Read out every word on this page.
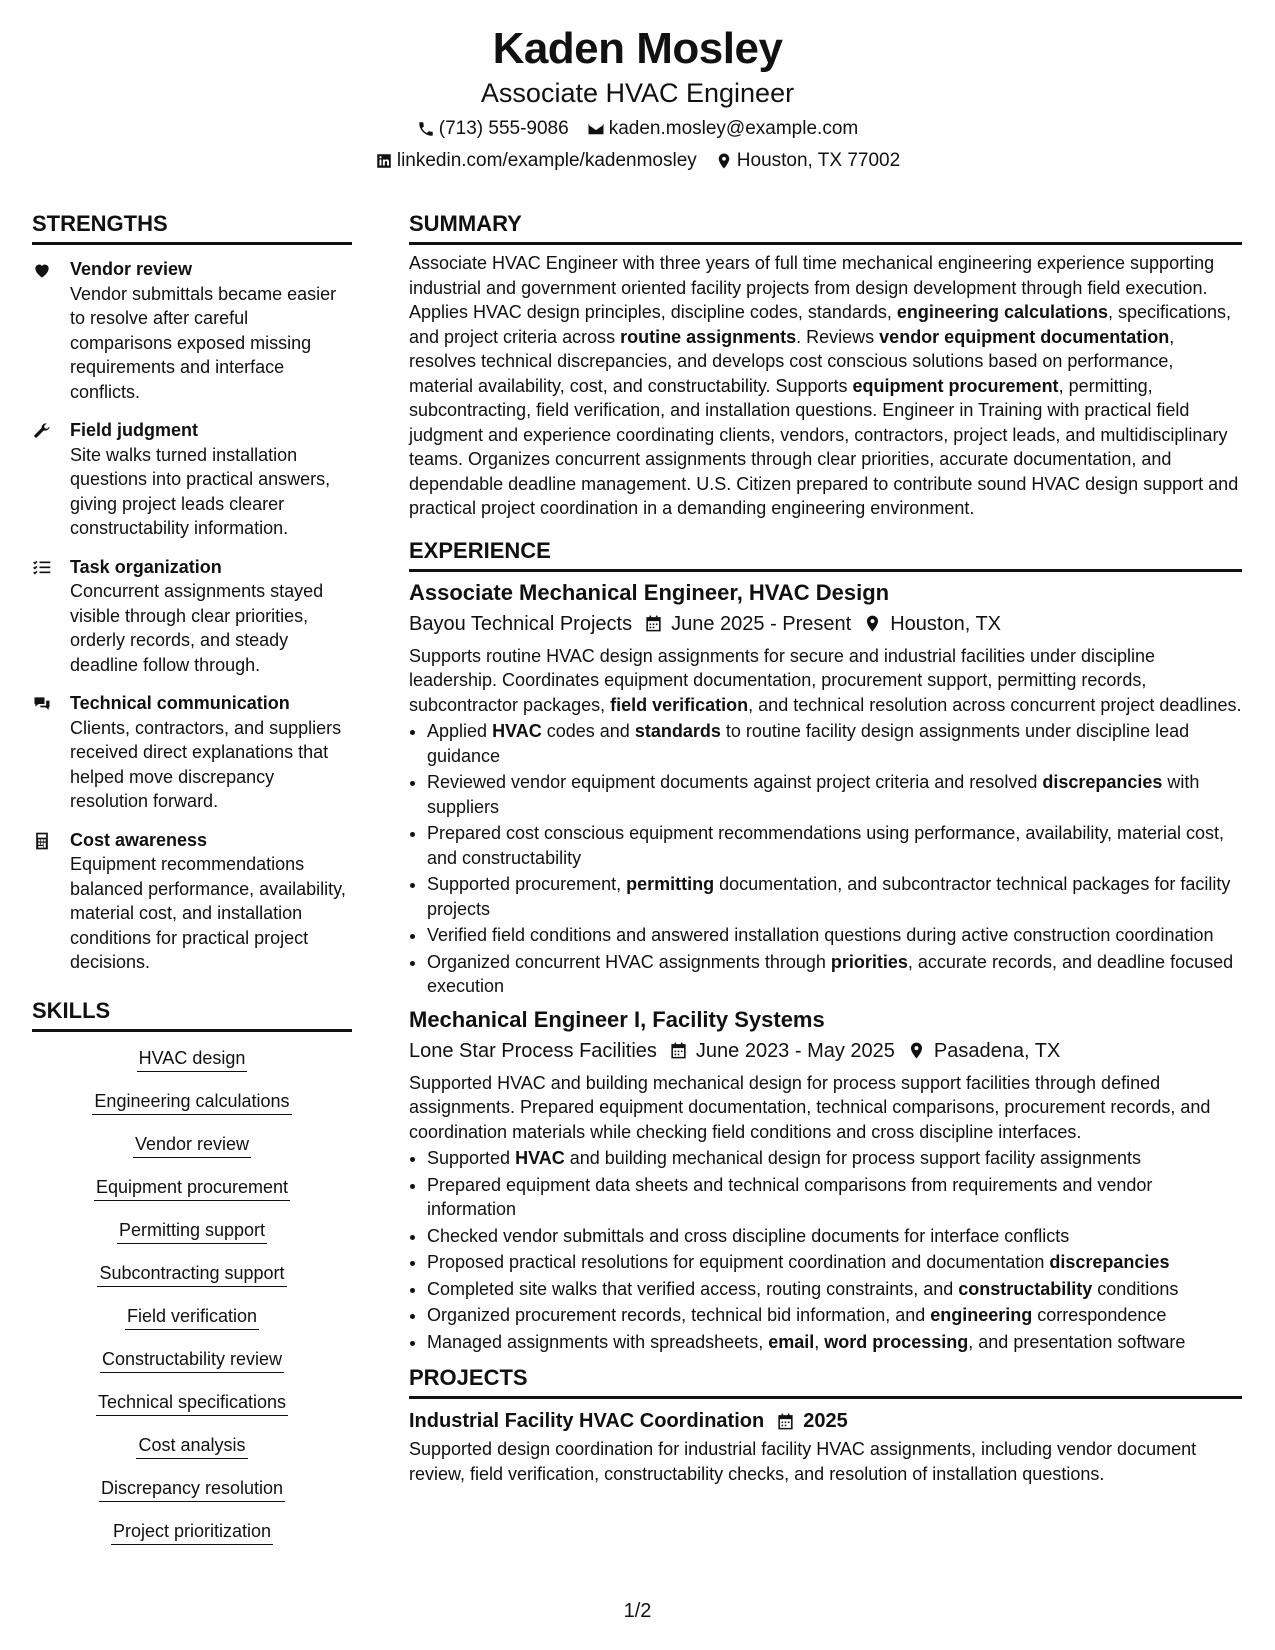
Kaden Mosley
Associate HVAC Engineer
(713) 555-9086 kaden.mosley@example.com
linkedin.com/example/kadenmosley Houston, TX 77002
STRENGTHS
Vendor review
Vendor submittals became easier to resolve after careful comparisons exposed missing requirements and interface conflicts.
Field judgment
Site walks turned installation questions into practical answers, giving project leads clearer constructability information.
Task organization
Concurrent assignments stayed visible through clear priorities, orderly records, and steady deadline follow through.
Technical communication
Clients, contractors, and suppliers received direct explanations that helped move discrepancy resolution forward.
Cost awareness
Equipment recommendations balanced performance, availability, material cost, and installation conditions for practical project decisions.
SKILLS
HVAC design
Engineering calculations
Vendor review
Equipment procurement
Permitting support
Subcontracting support
Field verification
Constructability review
Technical specifications
Cost analysis
Discrepancy resolution
Project prioritization
SUMMARY
Associate HVAC Engineer with three years of full time mechanical engineering experience supporting industrial and government oriented facility projects from design development through field execution. Applies HVAC design principles, discipline codes, standards, engineering calculations, specifications, and project criteria across routine assignments. Reviews vendor equipment documentation, resolves technical discrepancies, and develops cost conscious solutions based on performance, material availability, cost, and constructability. Supports equipment procurement, permitting, subcontracting, field verification, and installation questions. Engineer in Training with practical field judgment and experience coordinating clients, vendors, contractors, project leads, and multidisciplinary teams. Organizes concurrent assignments through clear priorities, accurate documentation, and dependable deadline management. U.S. Citizen prepared to contribute sound HVAC design support and practical project coordination in a demanding engineering environment.
EXPERIENCE
Associate Mechanical Engineer, HVAC Design
Bayou Technical Projects June 2025 - Present Houston, TX
Supports routine HVAC design assignments for secure and industrial facilities under discipline leadership. Coordinates equipment documentation, procurement support, permitting records, subcontractor packages, field verification, and technical resolution across concurrent project deadlines.
• Applied HVAC codes and standards to routine facility design assignments under discipline lead guidance
• Reviewed vendor equipment documents against project criteria and resolved discrepancies with suppliers
• Prepared cost conscious equipment recommendations using performance, availability, material cost, and constructability
• Supported procurement, permitting documentation, and subcontractor technical packages for facility projects
• Verified field conditions and answered installation questions during active construction coordination
• Organized concurrent HVAC assignments through priorities, accurate records, and deadline focused execution
Mechanical Engineer I, Facility Systems
Lone Star Process Facilities June 2023 - May 2025 Pasadena, TX
Supported HVAC and building mechanical design for process support facilities through defined assignments. Prepared equipment documentation, technical comparisons, procurement records, and coordination materials while checking field conditions and cross discipline interfaces.
• Supported HVAC and building mechanical design for process support facility assignments
• Prepared equipment data sheets and technical comparisons from requirements and vendor information
• Checked vendor submittals and cross discipline documents for interface conflicts
• Proposed practical resolutions for equipment coordination and documentation discrepancies
• Completed site walks that verified access, routing constraints, and constructability conditions
• Organized procurement records, technical bid information, and engineering correspondence
• Managed assignments with spreadsheets, email, word processing, and presentation software
PROJECTS
Industrial Facility HVAC Coordination 2025
Supported design coordination for industrial facility HVAC assignments, including vendor document review, field verification, constructability checks, and resolution of installation questions.
1/2
